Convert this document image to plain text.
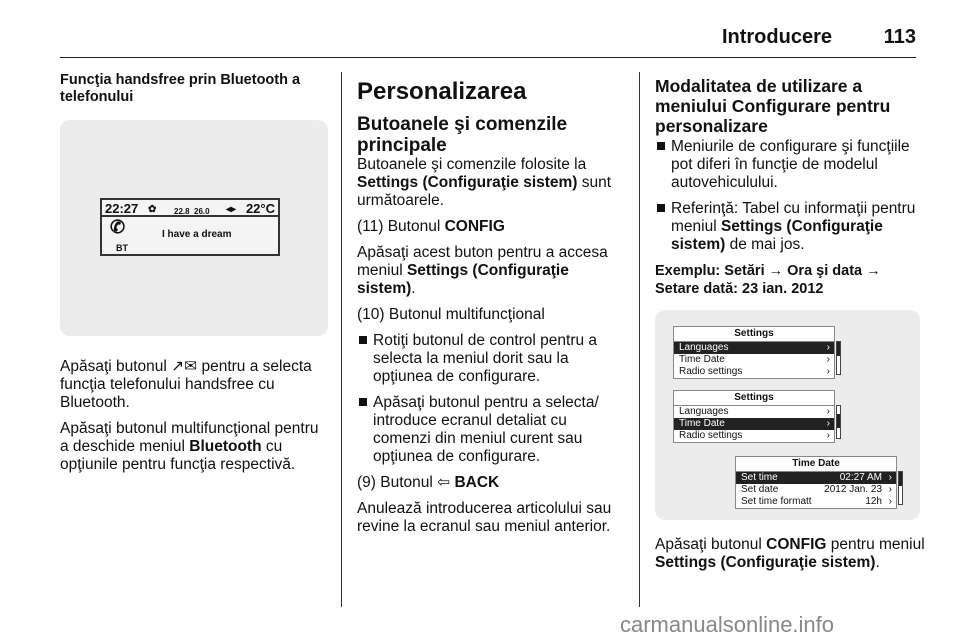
Introducere	113
Funcţia handsfree prin Bluetooth a telefonului
22:27 ✿ 22.8 26.0 ◂▸ 22°C
✆
BT
I have a dream

Apăsaţi butonul ↗✉ pentru a selecta funcţia telefonului handsfree cu Bluetooth.

Apăsaţi butonul multifuncţional pentru a deschide meniul Bluetooth cu opţiunile pentru funcţia respectivă.

Personalizarea
Butoanele şi comenzile principale

Butoanele şi comenzile folosite la Settings (Configuraţie sistem) sunt următoarele.

(11) Butonul CONFIG

Apăsaţi acest buton pentru a accesa meniul Settings (Configuraţie sistem).

(10) Butonul multifuncţional

Rotiţi butonul de control pentru a selecta la meniul dorit sau la opţiunea de configurare.
Apăsaţi butonul pentru a selecta/ introduce ecranul detaliat cu comenzi din meniul curent sau opţiunea de configurare.

(9) Butonul ⇦ BACK

Anulează introducerea articolului sau revine la ecranul sau meniul anterior.

Modalitatea de utilizare a meniului Configurare pentru personalizare
Meniurile de configurare şi funcţiile pot diferi în funcţie de modelul autovehiculului.
Referinţă: Tabel cu informaţii pentru meniul Settings (Configuraţie sistem) de mai jos.

Exemplu: Setări → Ora şi data → Setare dată: 23 ian. 2012

Settings
Languages	›
Time Date	›
Radio settings	›
Settings
Languages	›
Time Date	›
Radio settings	›
Time Date
Set time	02:27 AM ›
Set date	2012 Jan. 23 ›
Set time formatt	12h ›

Apăsaţi butonul CONFIG pentru meniul Settings (Configuraţie sistem).

carmanualsonline.info
